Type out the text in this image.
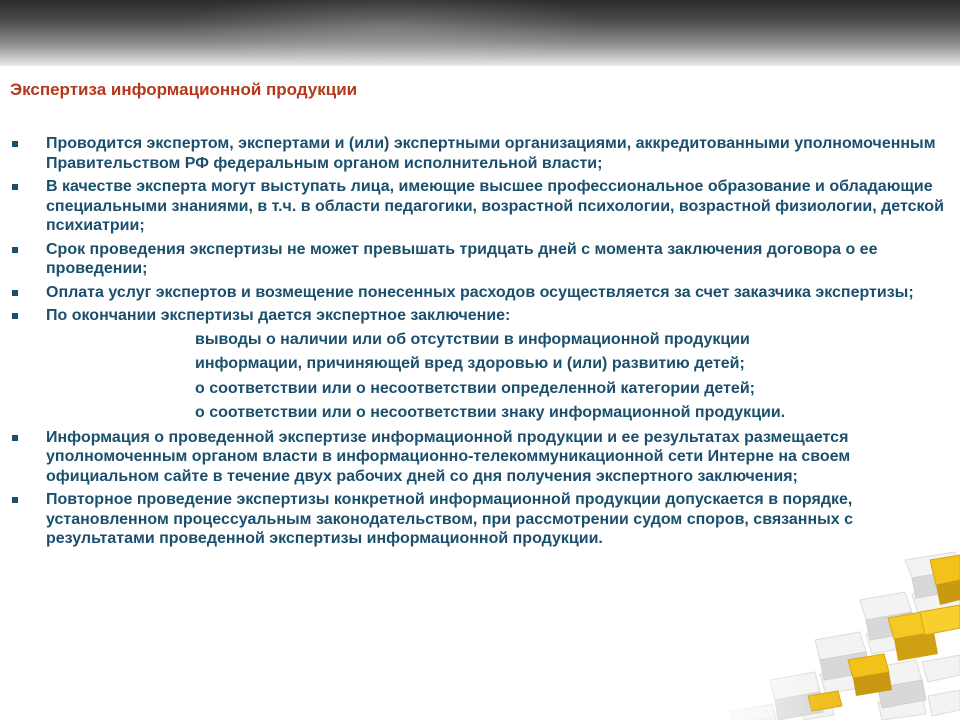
Экспертиза информационной продукции
Проводится экспертом, экспертами и (или) экспертными организациями, аккредитованными уполномоченным Правительством РФ федеральным органом исполнительной власти;
В качестве эксперта могут выступать лица, имеющие высшее профессиональное образование и обладающие специальными знаниями, в т.ч. в области педагогики, возрастной психологии, возрастной физиологии, детской психиатрии;
Срок проведения экспертизы не может превышать тридцать дней с момента заключения договора о ее проведении;
Оплата услуг экспертов и возмещение понесенных расходов осуществляется за счет заказчика экспертизы;
По окончании экспертизы дается экспертное заключение:
выводы о наличии или об отсутствии в информационной продукции
информации, причиняющей вред здоровью и (или) развитию детей;
о соответствии или о несоответствии определенной категории детей;
о соответствии или о несоответствии знаку информационной продукции.
Информация о проведенной экспертизе информационной продукции и ее результатах размещается уполномоченным органом власти в информационно-телекоммуникационной сети Интерне на своем официальном сайте в течение двух рабочих дней со дня получения экспертного заключения;
Повторное проведение экспертизы конкретной информационной продукции допускается в порядке, установленном процессуальным законодательством, при рассмотрении судом споров, связанных с результатами проведенной экспертизы информационной продукции.
